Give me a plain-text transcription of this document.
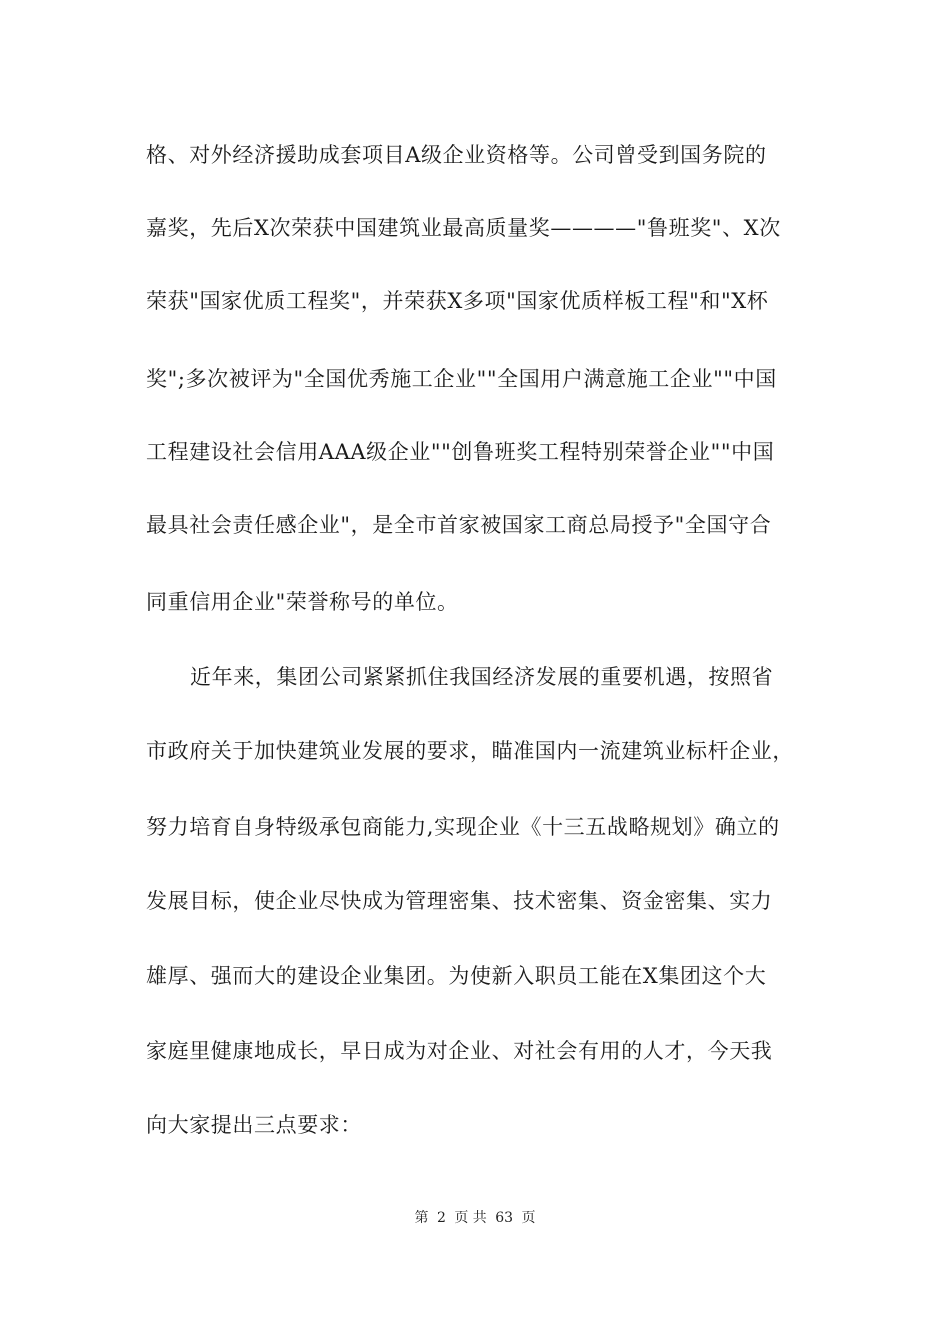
格、对外经济援助成套项目A级企业资格等。公司曾受到国务院的
嘉奖，先后X次荣获中国建筑业最高质量奖————"鲁班奖"、X次
荣获"国家优质工程奖"，并荣获X多项"国家优质样板工程"和"X杯
奖";多次被评为"全国优秀施工企业""全国用户满意施工企业""中国
工程建设社会信用AAA级企业""创鲁班奖工程特别荣誉企业""中国
最具社会责任感企业"，是全市首家被国家工商总局授予"全国守合
同重信用企业"荣誉称号的单位。
近年来，集团公司紧紧抓住我国经济发展的重要机遇，按照省
市政府关于加快建筑业发展的要求，瞄准国内一流建筑业标杆企业，
努力培育自身特级承包商能力,实现企业《十三五战略规划》确立的
发展目标，使企业尽快成为管理密集、技术密集、资金密集、实力
雄厚、强而大的建设企业集团。为使新入职员工能在X集团这个大
家庭里健康地成长，早日成为对企业、对社会有用的人才，今天我
向大家提出三点要求：
第 2 页 共 63 页
